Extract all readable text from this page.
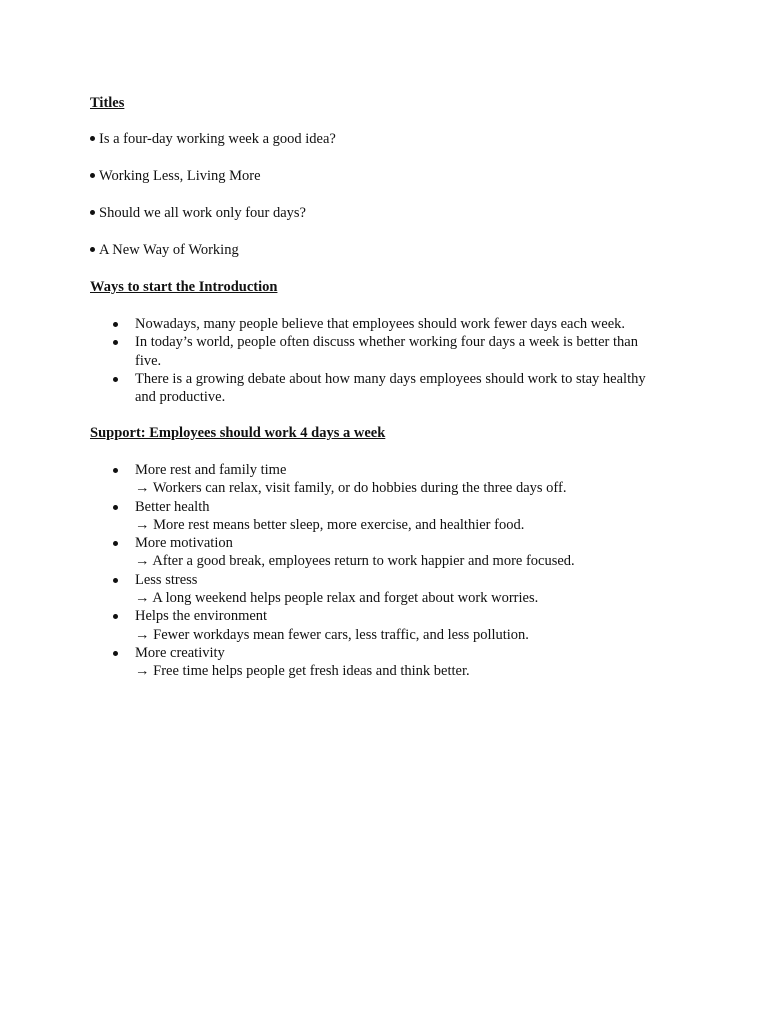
Titles
Is a four-day working week a good idea?
Working Less, Living More
Should we all work only four days?
A New Way of Working
Ways to start the Introduction
Nowadays, many people believe that employees should work fewer days each week.
In today’s world, people often discuss whether working four days a week is better than
five.
There is a growing debate about how many days employees should work to stay healthy
and productive.
Support: Employees should work 4 days a week
More rest and family time
→ Workers can relax, visit family, or do hobbies during the three days off.
Better health
→ More rest means better sleep, more exercise, and healthier food.
More motivation
→ After a good break, employees return to work happier and more focused.
Less stress
→ A long weekend helps people relax and forget about work worries.
Helps the environment
→ Fewer workdays mean fewer cars, less traffic, and less pollution.
More creativity
→ Free time helps people get fresh ideas and think better.
